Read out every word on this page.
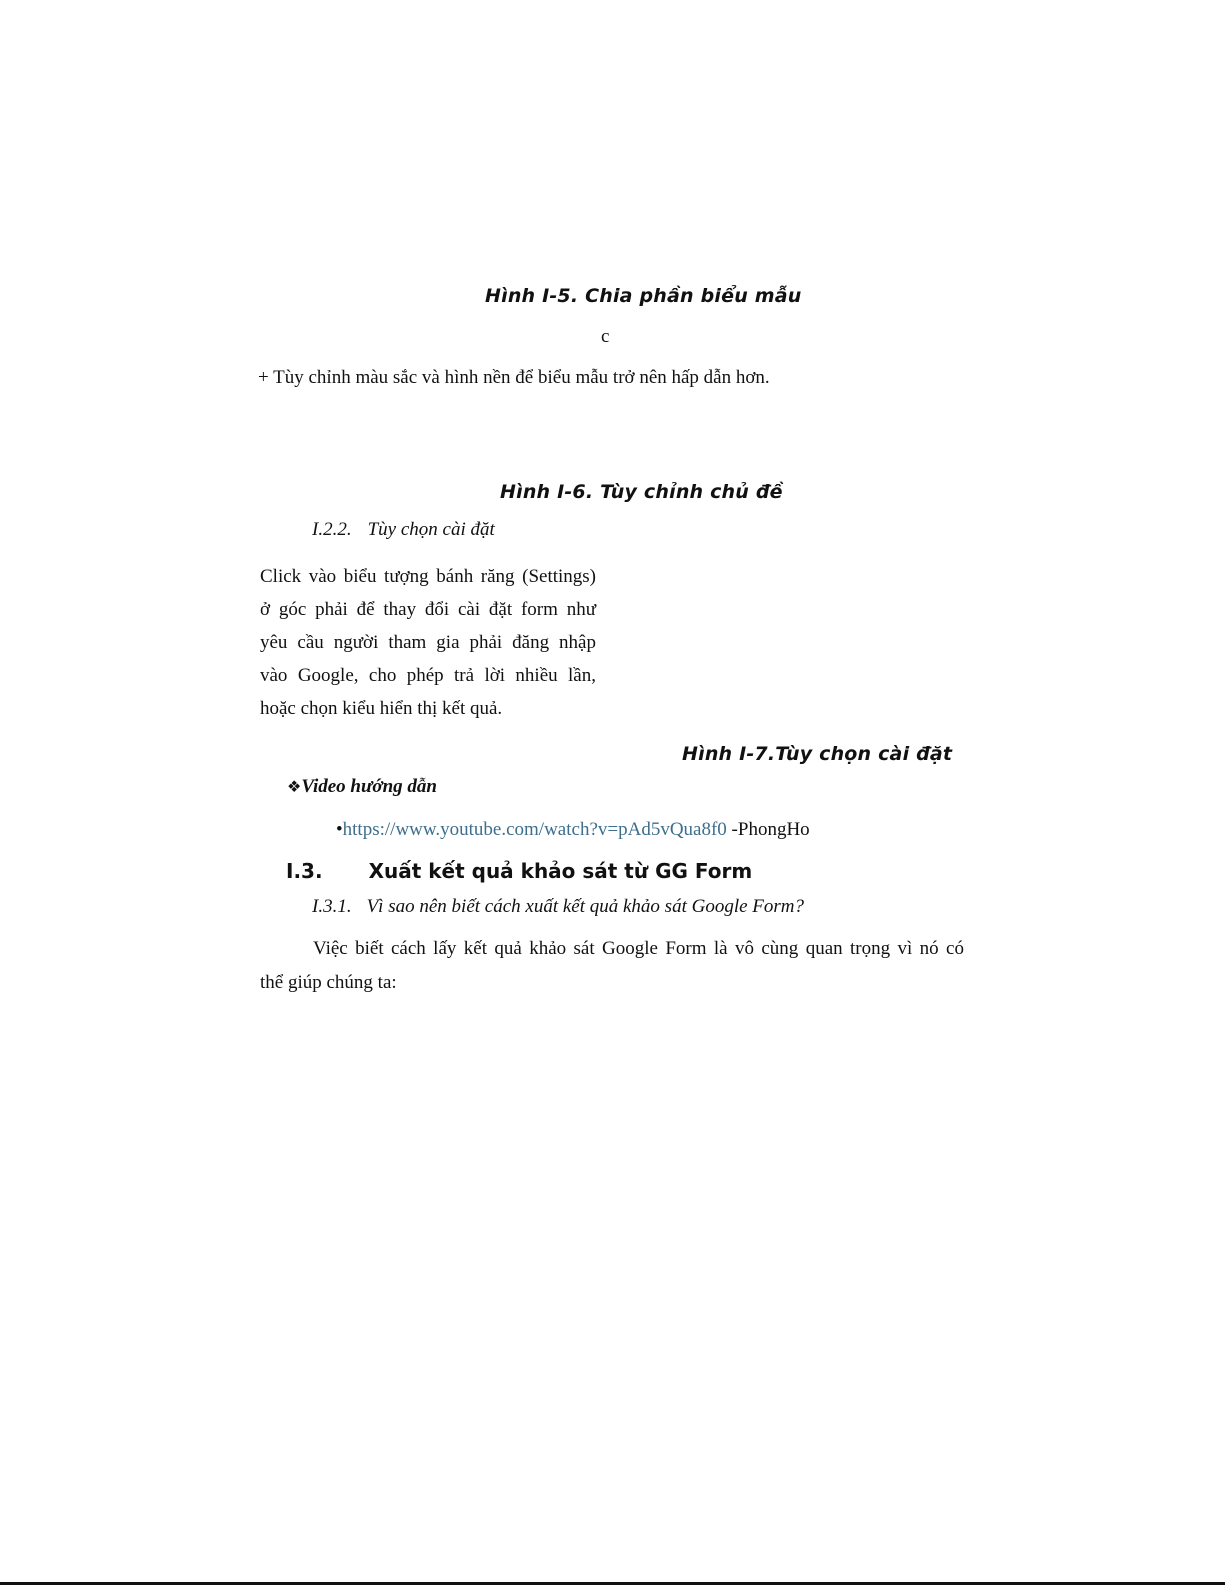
Hình I-5. Chia phần biểu mẫu
c
+ Tùy chỉnh màu sắc và hình nền để biểu mẫu trở nên hấp dẫn hơn.
Hình I-6. Tùy chỉnh chủ đề
I.2.2. Tùy chọn cài đặt
Click vào biểu tượng bánh răng (Settings)
ở góc phải để thay đổi cài đặt form như
yêu cầu người tham gia phải đăng nhập
vào Google, cho phép trả lời nhiều lần,
hoặc chọn kiểu hiển thị kết quả.
Hình I-7.Tùy chọn cài đặt
❖Video hướng dẫn
•https://www.youtube.com/watch?v=pAd5vQua8f0 -PhongHo
I.3. Xuất kết quả khảo sát từ GG Form
I.3.1. Vì sao nên biết cách xuất kết quả khảo sát Google Form?
Việc biết cách lấy kết quả khảo sát Google Form là vô cùng quan trọng vì nó có
thể giúp chúng ta:
